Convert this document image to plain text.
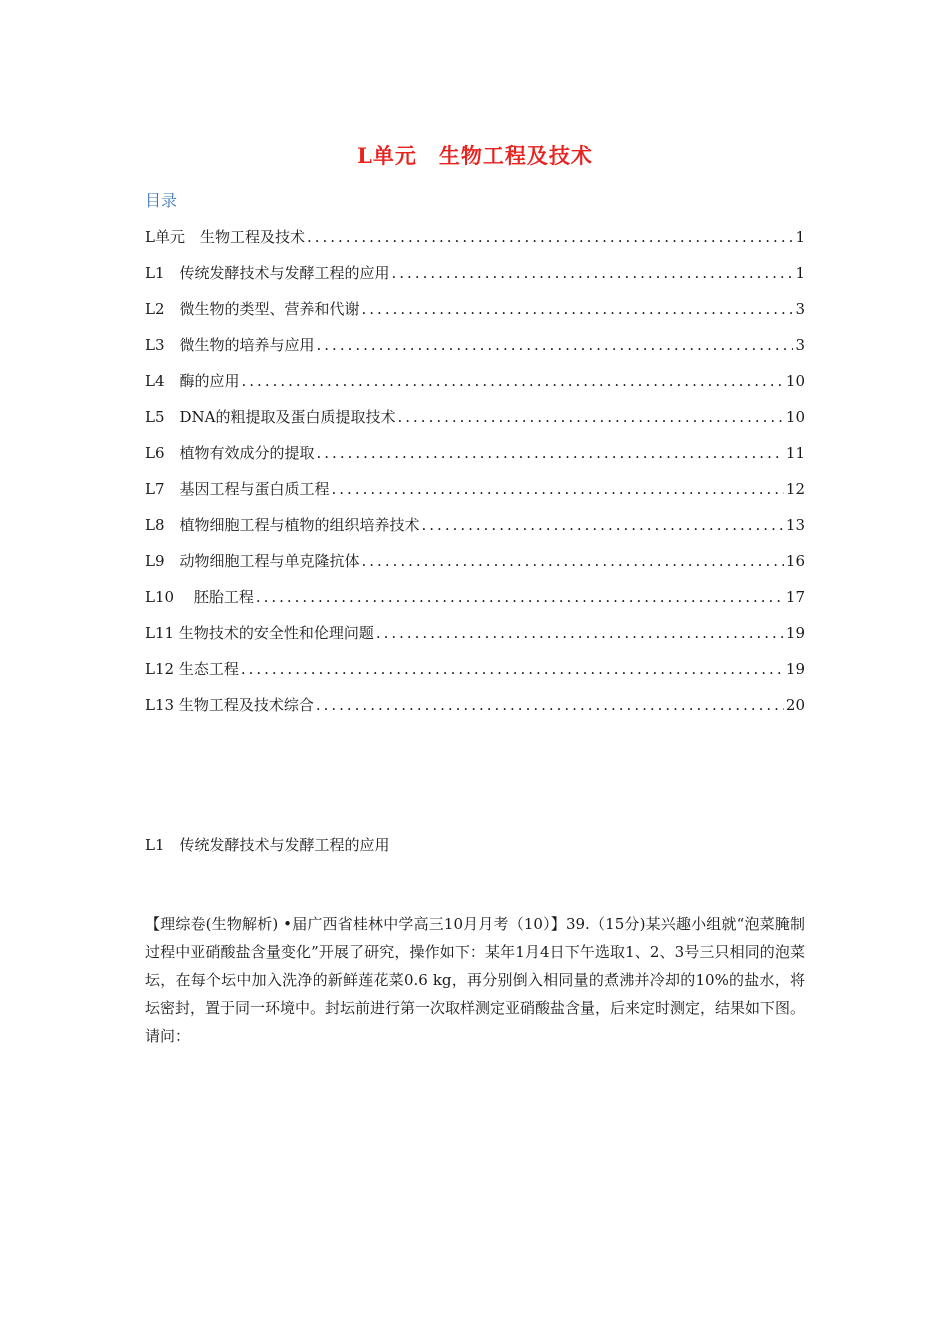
L单元　生物工程及技术
目录
L单元　生物工程及技术 .....	1
L1　传统发酵技术与发酵工程的应用 .....	1
L2　微生物的类型、营养和代谢 .....	3
L3　微生物的培养与应用 .....	3
L4　酶的应用 .....	10
L5　DNA的粗提取及蛋白质提取技术 .....	10
L6　植物有效成分的提取 .....	11
L7　基因工程与蛋白质工程 .....	12
L8　植物细胞工程与植物的组织培养技术 .....	13
L9　动物细胞工程与单克隆抗体 .....	16
L10　 胚胎工程 .....	17
L11 生物技术的安全性和伦理问题 .....	19
L12 生态工程 .....	19
L13 生物工程及技术综合 .....	20
L1　传统发酵技术与发酵工程的应用
【理综卷(生物解析) •届广西省桂林中学高三10月月考（10）】39.（15分)某兴趣小组就“泡菜腌制过程中亚硝酸盐含量变化”开展了研究，操作如下：某年1月4日下午选取1、2、3号三只相同的泡菜坛，在每个坛中加入洗净的新鲜莲花菜0.6 kg，再分别倒入相同量的煮沸并冷却的10%的盐水，将坛密封，置于同一环境中。封坛前进行第一次取样测定亚硝酸盐含量，后来定时测定，结果如下图。请问：
